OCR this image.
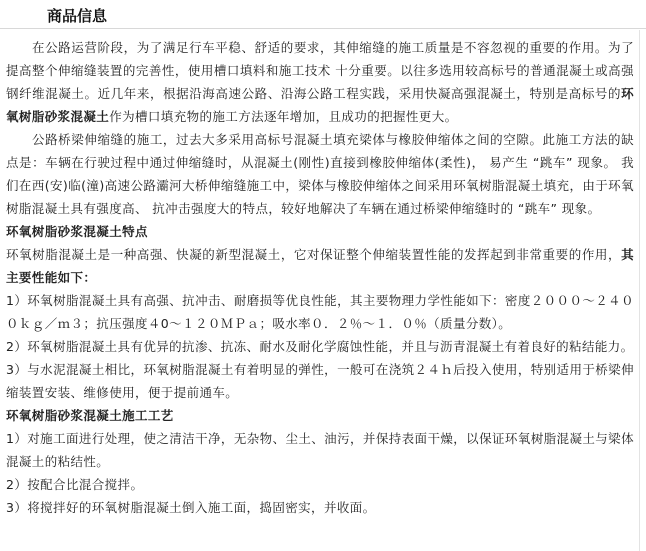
商品信息

在公路运营阶段，为了满足行车平稳、舒适的要求，其伸缩缝的施工质量是不容忽视的重要的作用。为了提高整个伸缩缝装置的完善性，使用槽口填料和施工技术 十分重要。以往多选用较高标号的普通混凝土或高强钢纤维混凝土。近几年来，根据沿海高速公路、沿海公路工程实践，采用快凝高强混凝土，特别是高标号的环氧树脂砂浆混凝土作为槽口填充物的施工方法逐年增加，且成功的把握性更大。

公路桥梁伸缩缝的施工，过去大多采用高标号混凝土填充梁体与橡胶伸缩体之间的空隙。此施工方法的缺点是：车辆在行驶过程中通过伸缩缝时，从混凝土(刚性)直接到橡胶伸缩体(柔性)， 易产生 “跳车” 现象。 我们在西(安)临(潼)高速公路灞河大桥伸缩缝施工中，梁体与橡胶伸缩体之间采用环氧树脂混凝土填充，由于环氧树脂混凝土具有强度高、 抗冲击强度大的特点，较好地解决了车辆在通过桥梁伸缩缝时的 “跳车” 现象。

环氧树脂砂浆混凝土特点

环氧树脂混凝土是一种高强、快凝的新型混凝土，它对保证整个伸缩装置性能的发挥起到非常重要的作用，其主要性能如下：

1）环氧树脂混凝土具有高强、抗冲击、耐磨损等优良性能，其主要物理力学性能如下：密度２０００～２４００ｋｇ／ｍ３；抗压强度４0～１２０ＭＰａ；吸水率０．２％～１．０％（质量分数）。

2）环氧树脂混凝土具有优异的抗渗、抗冻、耐水及耐化学腐蚀性能，并且与沥青混凝土有着良好的粘结能力。

3）与水泥混凝土相比，环氧树脂混凝土有着明显的弹性，一般可在浇筑２４ｈ后投入使用，特别适用于桥梁伸缩装置安装、维修使用，便于提前通车。

环氧树脂砂浆混凝土施工工艺

1）对施工面进行处理，使之清洁干净，无杂物、尘土、油污，并保持表面干燥，以保证环氧树脂混凝土与梁体混凝土的粘结性。

2）按配合比混合搅拌。

3）将搅拌好的环氧树脂混凝土倒入施工面，捣固密实，并收面。
